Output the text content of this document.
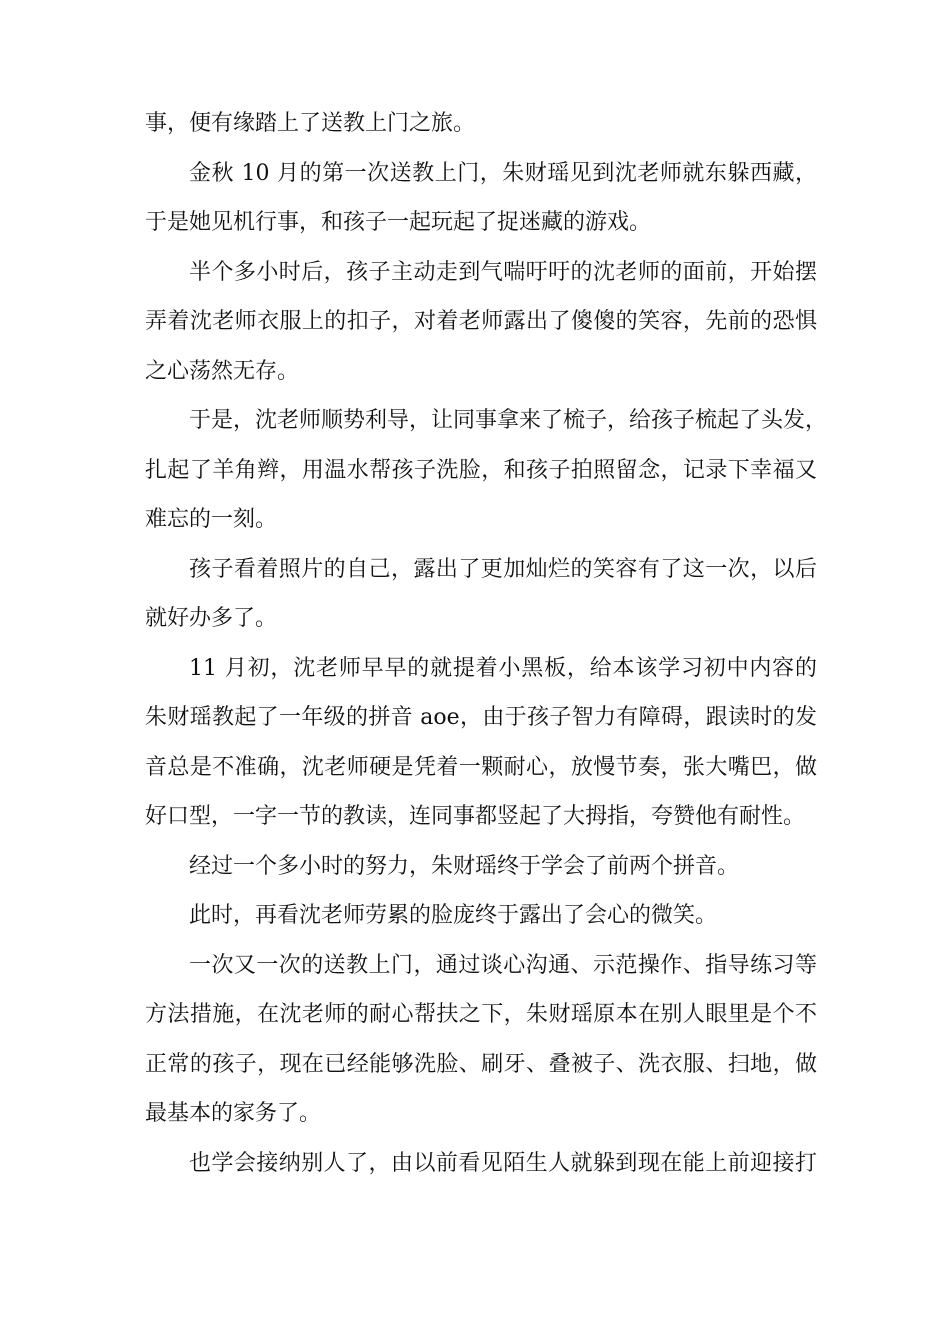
事，便有缘踏上了送教上门之旅。
金秋 10 月的第一次送教上门，朱财瑶见到沈老师就东躲西藏，
于是她见机行事，和孩子一起玩起了捉迷藏的游戏。
半个多小时后，孩子主动走到气喘吁吁的沈老师的面前，开始摆
弄着沈老师衣服上的扣子，对着老师露出了傻傻的笑容，先前的恐惧
之心荡然无存。
于是，沈老师顺势利导，让同事拿来了梳子，给孩子梳起了头发，
扎起了羊角辫，用温水帮孩子洗脸，和孩子拍照留念，记录下幸福又
难忘的一刻。
孩子看着照片的自己，露出了更加灿烂的笑容有了这一次，以后
就好办多了。
11 月初，沈老师早早的就提着小黑板，给本该学习初中内容的
朱财瑶教起了一年级的拼音 aoe，由于孩子智力有障碍，跟读时的发
音总是不准确，沈老师硬是凭着一颗耐心，放慢节奏，张大嘴巴，做
好口型，一字一节的教读，连同事都竖起了大拇指，夸赞他有耐性。
经过一个多小时的努力，朱财瑶终于学会了前两个拼音。
此时，再看沈老师劳累的脸庞终于露出了会心的微笑。
一次又一次的送教上门，通过谈心沟通、示范操作、指导练习等
方法措施，在沈老师的耐心帮扶之下，朱财瑶原本在别人眼里是个不
正常的孩子，现在已经能够洗脸、刷牙、叠被子、洗衣服、扫地，做
最基本的家务了。
也学会接纳别人了，由以前看见陌生人就躲到现在能上前迎接打
